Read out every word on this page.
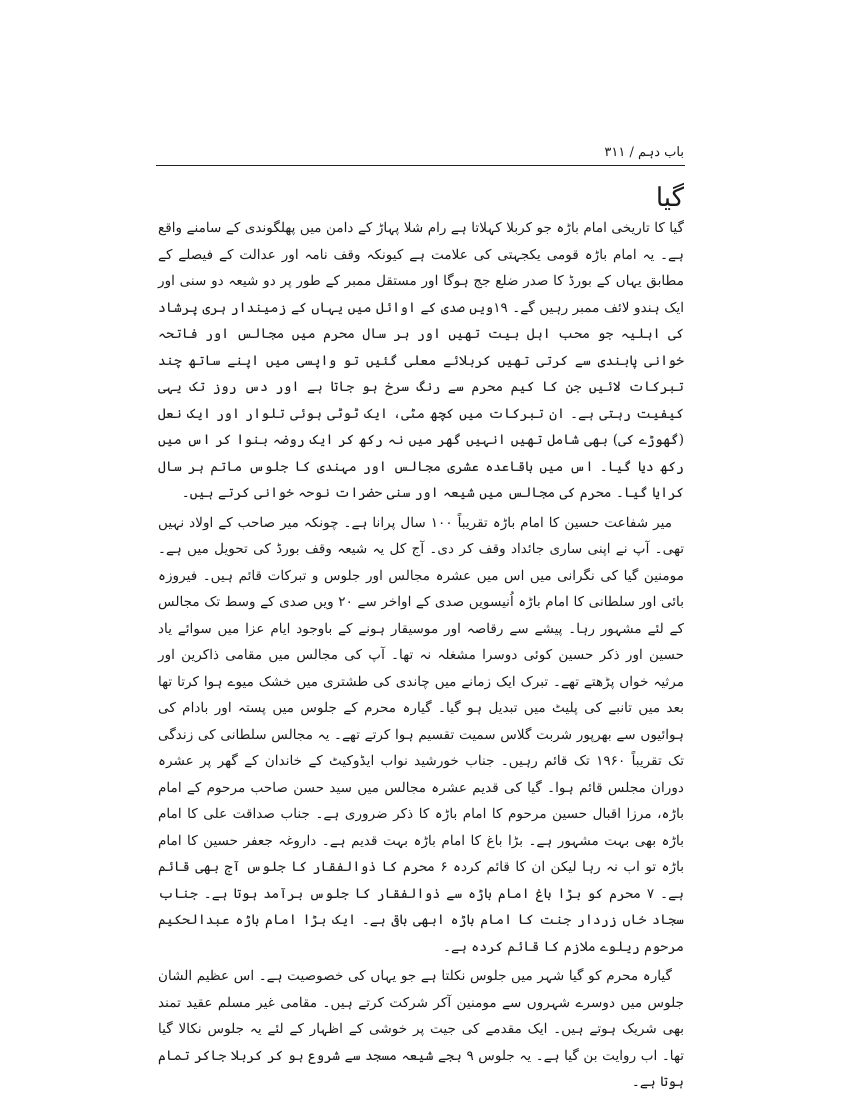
باب دہم / ۳۱۱
گیا

گیا کا تاریخی امام باڑہ جو کربلا کہلاتا ہے رام شلا پہاڑ کے دامن میں پھلگوندی کے سامنے واقع ہے۔ یہ امام باڑہ قومی یکجہتی کی علامت ہے کیونکہ وقف نامہ اور عدالت کے فیصلے کے مطابق یہاں کے بورڈ کا صدر ضلع جج ہوگا اور مستقل ممبر کے طور پر دو شیعہ دو سنی اور ایک ہندو لائف ممبر رہیں گے۔ ۱۹ویں صدی کے اوائل میں یہاں کے زمیندار ہری پرشاد کی اہلیہ جو محب اہل بیت تھیں اور ہر سال محرم میں مجالس اور فاتحہ خوانی پابندی سے کرتی تھیں کربلائے معلی گئیں تو واپسی میں اپنے ساتھ چند تبرکات لائیں جن کا کیم محرم سے رنگ سرخ ہو جاتا ہے اور دس روز تک یہی کیفیت رہتی ہے۔ ان تبرکات میں کچھ مٹی، ایک ٹوٹی ہوئی تلوار اور ایک نعل (گھوڑے کی) بھی شامل تھیں انہیں گھر میں نہ رکھ کر ایک روضہ بنوا کر اس میں رکھ دیا گیا۔ اس میں باقاعدہ عشری مجالس اور مہندی کا جلوس ماتم ہر سال کرایا گیا۔ محرم کی مجالس میں شیعہ اور سنی حضرات نوحہ خوانی کرتے ہیں۔

میر شفاعت حسین کا امام باڑہ تقریباً ۱۰۰ سال پرانا ہے۔ چونکہ میر صاحب کے اولاد نہیں تھی۔ آپ نے اپنی ساری جائداد وقف کر دی۔ آج کل یہ شیعہ وقف بورڈ کی تحویل میں ہے۔ مومنین گیا کی نگرانی میں اس میں عشرہ مجالس اور جلوس و تبرکات قائم ہیں۔ فیروزہ بائی اور سلطانی کا امام باڑہ اُنیسویں صدی کے اواخر سے ۲۰ ویں صدی کے وسط تک مجالس کے لئے مشہور رہا۔ پیشے سے رقاصہ اور موسیقار ہونے کے باوجود ایام عزا میں سوائے یاد حسین اور ذکر حسین کوئی دوسرا مشغلہ نہ تھا۔ آپ کی مجالس میں مقامی ذاکرین اور مرثیہ خواں پڑھتے تھے۔ تبرک ایک زمانے میں چاندی کی طشتری میں خشک میوے ہوا کرتا تھا بعد میں تانبے کی پلیٹ میں تبدیل ہو گیا۔ گیارہ محرم کے جلوس میں پستہ اور بادام کی ہوائیوں سے بھرپور شربت گلاس سمیت تقسیم ہوا کرتے تھے۔ یہ مجالس سلطانی کی زندگی تک تقریباً ۱۹۶۰ تک قائم رہیں۔ جناب خورشید نواب ایڈوکیٹ کے خاندان کے گھر پر عشرہ دوران مجلس قائم ہوا۔ گیا کی قدیم عشرہ مجالس میں سید حسن صاحب مرحوم کے امام باڑہ، مرزا اقبال حسین مرحوم کا امام باڑہ کا ذکر ضروری ہے۔ جناب صداقت علی کا امام باڑہ بھی بہت مشہور ہے۔ بڑا باغ کا امام باڑہ بہت قدیم ہے۔ داروغہ جعفر حسین کا امام باڑہ تو اب نہ رہا لیکن ان کا قائم کردہ ۶ محرم کا ذوالفقار کا جلوس آج بھی قائم ہے۔ ۷ محرم کو بڑا باغ امام باڑہ سے ذوالفقار کا جلوس برآمد ہوتا ہے۔ جناب سجاد خاں زردار جنت کا امام باڑہ ابھی باقی ہے۔ ایک بڑا امام باڑہ عبدالحکیم مرحوم ریلوے ملازم کا قائم کردہ ہے۔

گیارہ محرم کو گیا شہر میں جلوس نکلتا ہے جو یہاں کی خصوصیت ہے۔ اس عظیم الشان جلوس میں دوسرے شہروں سے مومنین آکر شرکت کرتے ہیں۔ مقامی غیر مسلم عقید تمند بھی شریک ہوتے ہیں۔ ایک مقدمے کی جیت پر خوشی کے اظہار کے لئے یہ جلوس نکالا گیا تھا۔ اب روایت بن گیا ہے۔ یہ جلوس ۹ بجے شیعہ مسجد سے شروع ہو کر کربلا جاکر تمام ہوتا ہے۔
